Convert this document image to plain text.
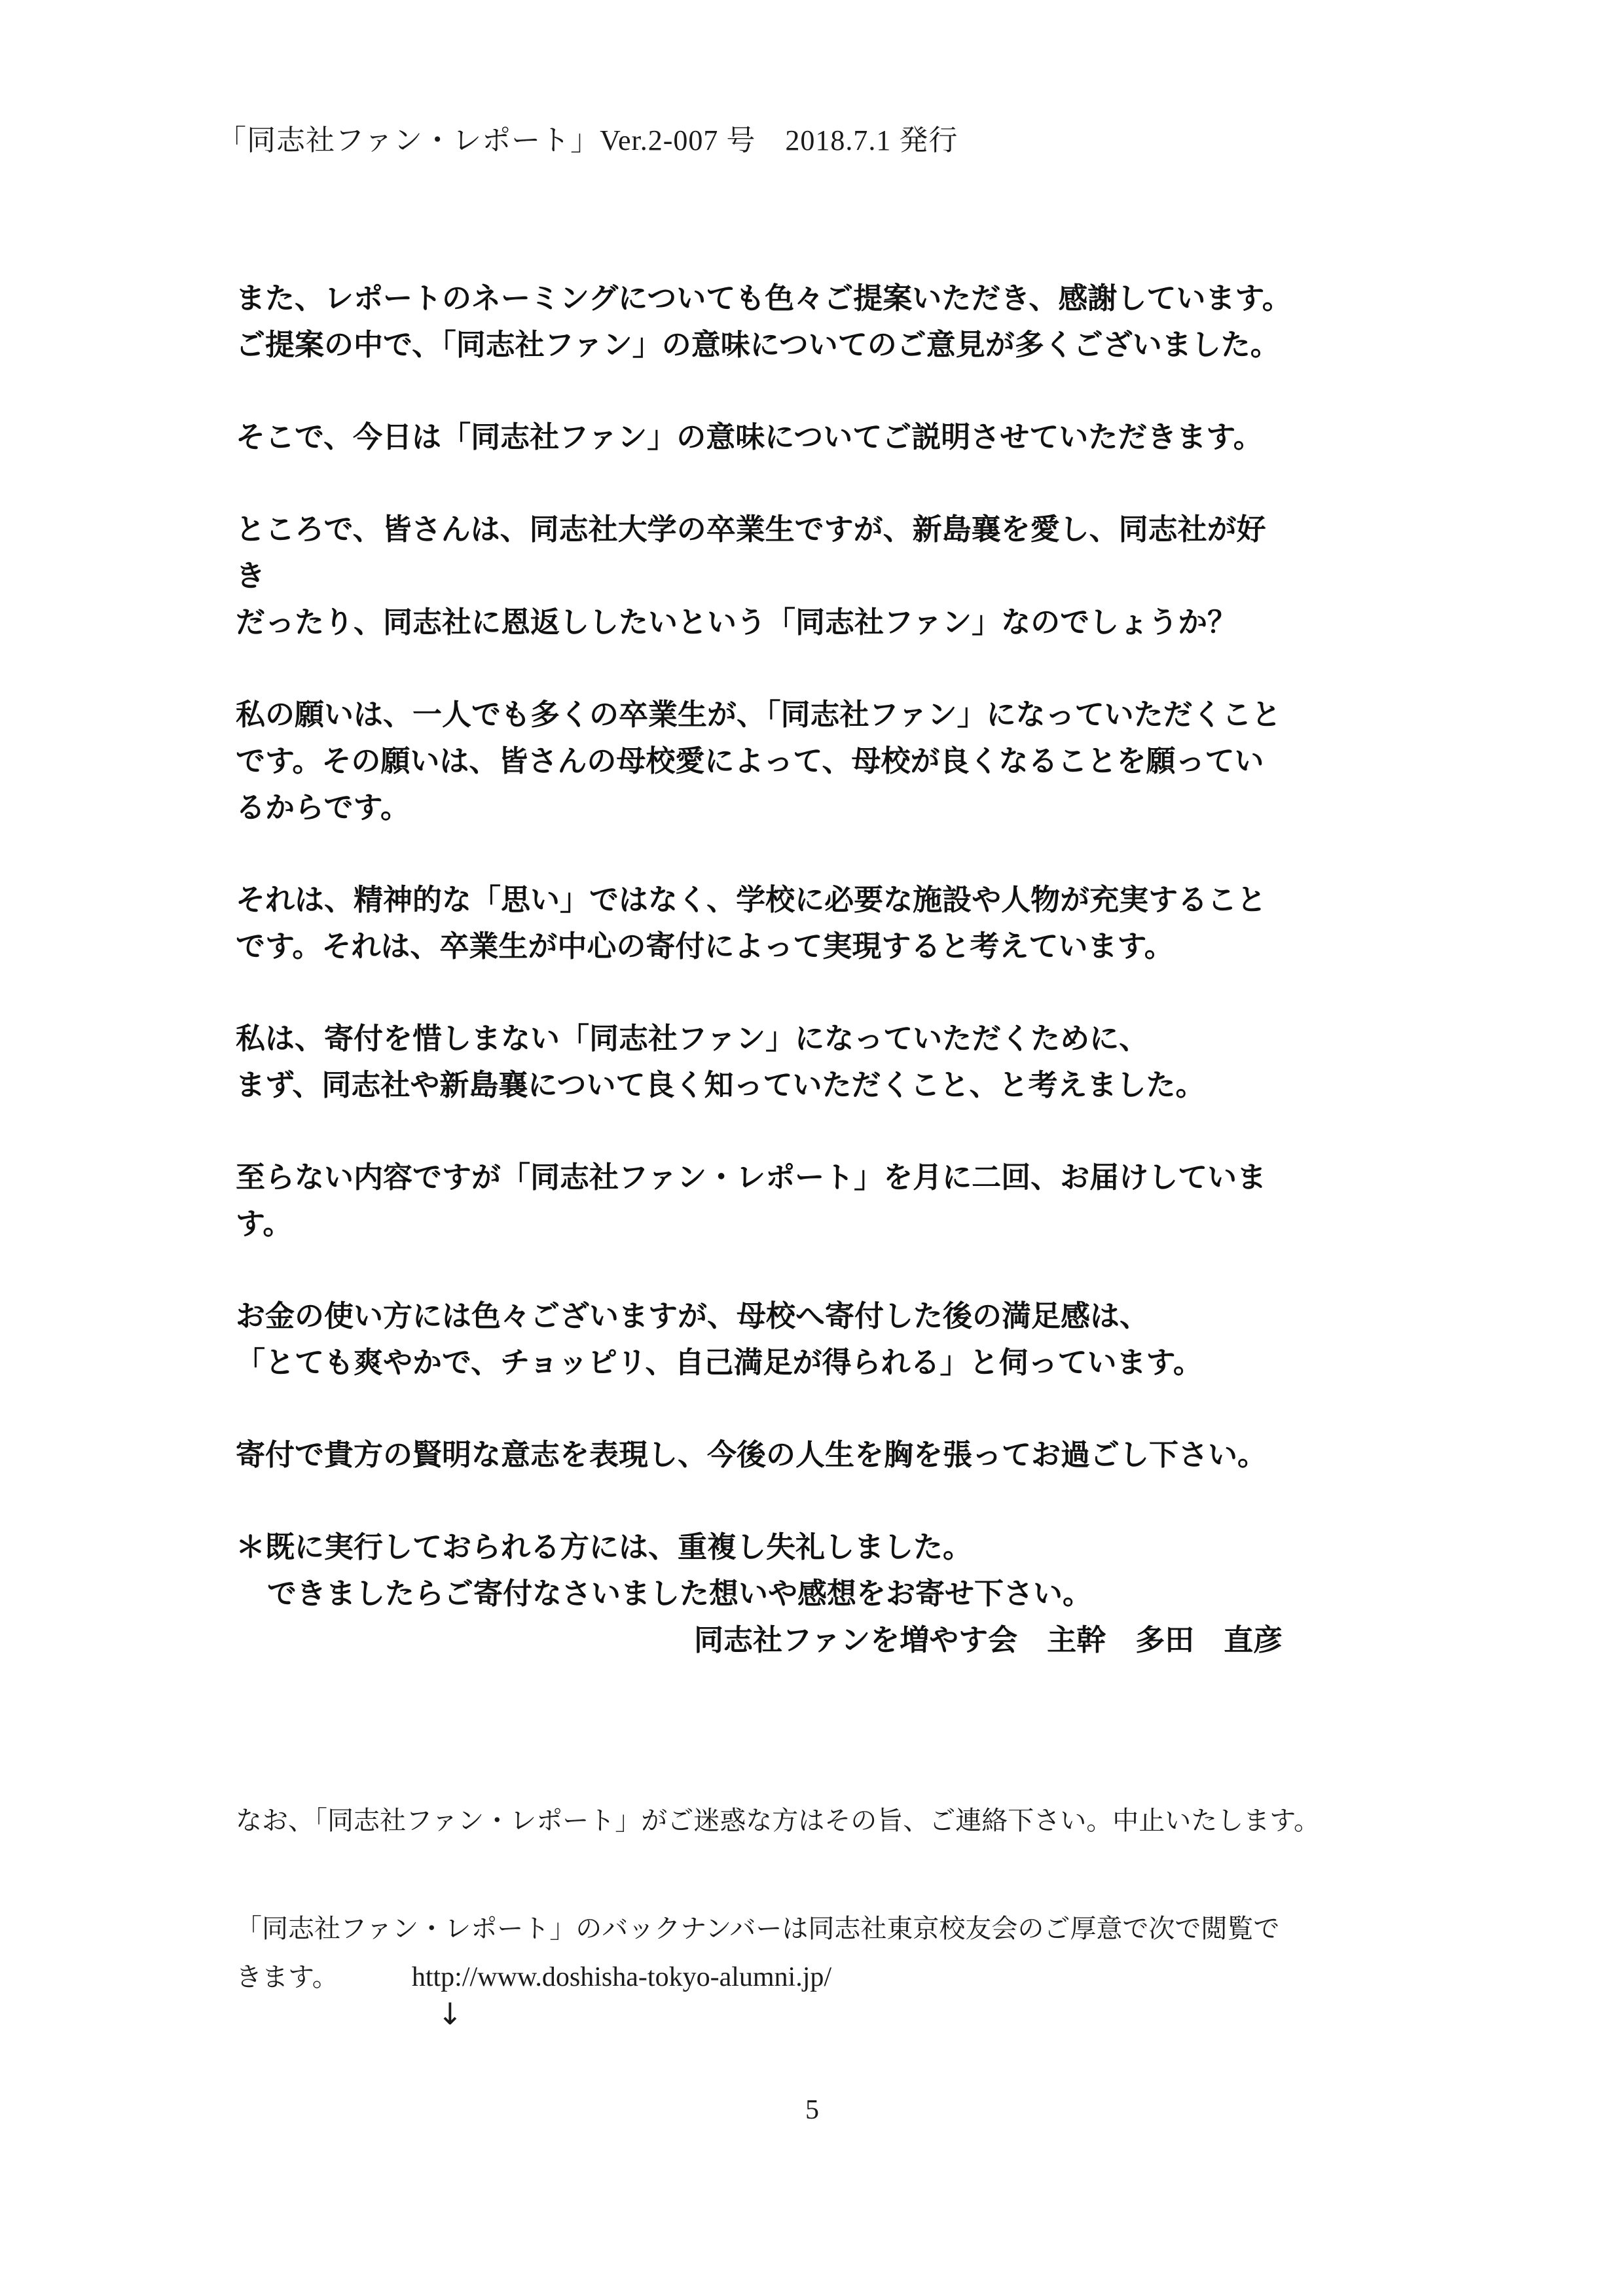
「同志社ファン・レポート」Ver.2-007 号　2018.7.1 発行

また、レポートのネーミングについても色々ご提案いただき、感謝しています。
ご提案の中で、「同志社ファン」の意味についてのご意見が多くございました。

そこで、今日は「同志社ファン」の意味についてご説明させていただきます。

ところで、皆さんは、同志社大学の卒業生ですが、新島襄を愛し、同志社が好
き
だったり、同志社に恩返ししたいという「同志社ファン」なのでしょうか？

私の願いは、一人でも多くの卒業生が、「同志社ファン」になっていただくこと
です。その願いは、皆さんの母校愛によって、母校が良くなることを願ってい
るからです。

それは、精神的な「思い」ではなく、学校に必要な施設や人物が充実すること
です。それは、卒業生が中心の寄付によって実現すると考えています。

私は、寄付を惜しまない「同志社ファン」になっていただくために、
まず、同志社や新島襄について良く知っていただくこと、と考えました。

至らない内容ですが「同志社ファン・レポート」を月に二回、お届けしていま
す。

お金の使い方には色々ございますが、母校へ寄付した後の満足感は、
「とても爽やかで、チョッピリ、自己満足が得られる」と伺っています。

寄付で貴方の賢明な意志を表現し、今後の人生を胸を張ってお過ごし下さい。

＊既に実行しておられる方には、重複し失礼しました。
できましたらご寄付なさいました想いや感想をお寄せ下さい。
同志社ファンを増やす会　主幹　多田　直彦
なお、「同志社ファン・レポート」がご迷惑な方はその旨、ご連絡下さい。中止いたします。
「同志社ファン・レポート」のバックナンバーは同志社東京校友会のご厚意で次で閲覧で
きます。	http://www.doshisha-tokyo-alumni.jp/
↓
5
